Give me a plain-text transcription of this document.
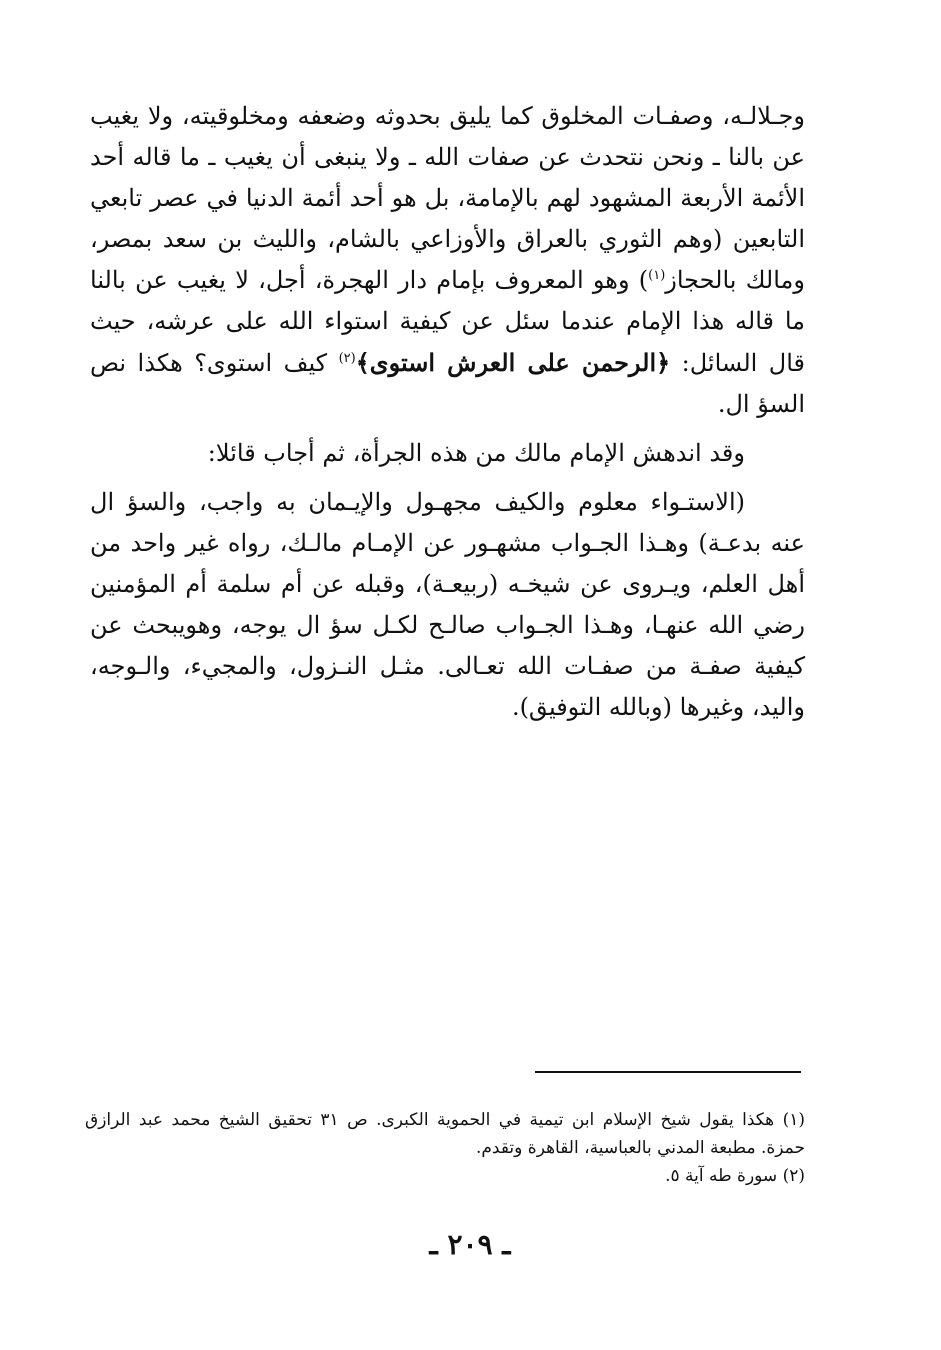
وجـلالـه، وصفـات المخلوق كما يليق بحدوثه وضعفه ومخلوقيته، ولا يغيب عن بالنا ـ ونحن نتحدث عن صفات الله ـ ولا ينبغى أن يغيب ـ ما قاله أحد الأئمة الأربعة المشهود لهم بالإمامة، بل هو أحد أئمة الدنيا في عصر تابعي التابعين (وهم الثوري بالعراق والأوزاعي بالشام، والليث بن سعد بمصر، ومالك بالحجاز$^{(١)}$) وهو المعروف بإمام دار الهجرة، أجل، لا يغيب عن بالنا ما قاله هذا الإمام عندما سئل عن كيفية استواء الله على عرشه، حيث قال السائل: ﴿الرحمن على العرش استوى﴾$^{(٢)}$ كيف استوى؟ هكذا نص السؤ ال.

وقد اندهش الإمام مالك من هذه الجرأة، ثم أجاب قائلا:

(الاستـواء معلوم والكيف مجهـول والإيـمان به واجب، والسؤ ال عنه بدعـة) وهـذا الجـواب مشهـور عن الإمـام مالـك، رواه غير واحد من أهل العلم، ويـروى عن شيخـه (ربيعـة)، وقبله عن أم سلمة أم المؤمنين رضي الله عنهـا، وهـذا الجـواب صالـح لكـل سؤ ال يوجه، وهويبحث عن كيفية صفـة من صفـات الله تعـالى. مثـل النـزول، والمجيء، والـوجه، واليد، وغيرها (وبالله التوفيق).

(١) هكذا يقول شيخ الإسلام ابن تيمية في الحموية الكبرى. ص ٣١ تحقيق الشيخ محمد عبد الرازق حمزة. مطبعة المدني بالعباسية، القاهرة وتقدم.

(٢) سورة طه آية ٥.

ـ ٢٠٩ ـ
